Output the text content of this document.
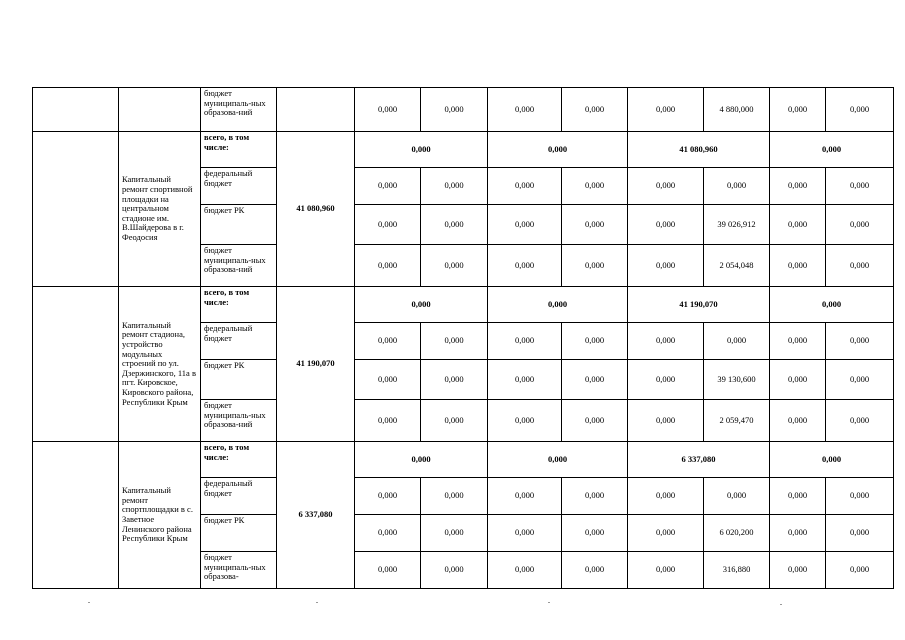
		бюджет муниципаль-ных образова-ний		0,000	0,000	0,000	0,000	0,000	4 880,000	0,000	0,000
	Капитальный ремонт спортивной площадки на центральном стадионе им. В.Шайдерова в г. Феодосия	всего, в том числе:	41 080,960	0,000		0,000		41 080,960		0,000	
		федеральный бюджет		0,000	0,000	0,000	0,000	0,000	0,000	0,000	0,000
		бюджет РК		0,000	0,000	0,000	0,000	0,000	39 026,912	0,000	0,000
		бюджет муниципаль-ных образова-ний		0,000	0,000	0,000	0,000	0,000	2 054,048	0,000	0,000
	Капитальный ремонт стадиона, устройство модульных строений по ул. Дзержинского, 11а в пгт. Кировское, Кировского района, Республики Крым	всего, в том числе:	41 190,070	0,000		0,000		41 190,070		0,000	
		федеральный бюджет		0,000	0,000	0,000	0,000	0,000	0,000	0,000	0,000
		бюджет РК		0,000	0,000	0,000	0,000	0,000	39 130,600	0,000	0,000
		бюджет муниципаль-ных образова-ний		0,000	0,000	0,000	0,000	0,000	2 059,470	0,000	0,000
	Капитальный ремонт спортплощадки в с. Заветное Ленинского района Республики Крым	всего, в том числе:	6 337,080	0,000		0,000		6 337,080		0,000	
		федеральный бюджет		0,000	0,000	0,000	0,000	0,000	0,000	0,000	0,000
		бюджет РК		0,000	0,000	0,000	0,000	0,000	6 020,200	0,000	0,000
		бюджет муниципаль-ных образова-		0,000	0,000	0,000	0,000	0,000	316,880	0,000	0,000
